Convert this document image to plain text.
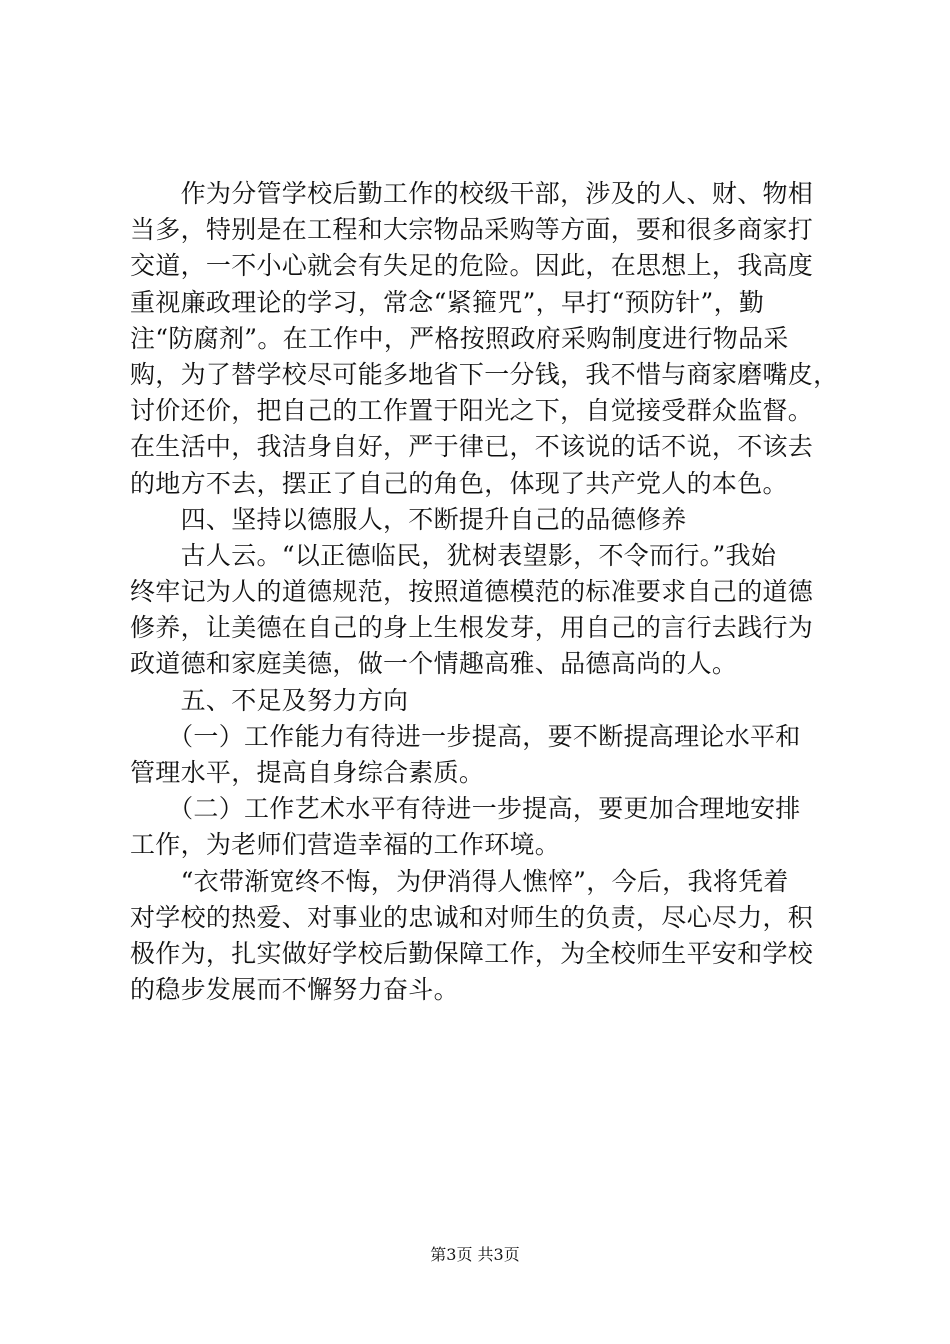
　　作为分管学校后勤工作的校级干部，涉及的人、财、物相
当多，特别是在工程和大宗物品采购等方面，要和很多商家打
交道，一不小心就会有失足的危险。因此，在思想上，我高度
重视廉政理论的学习，常念“紧箍咒”，早打“预防针”，勤
注“防腐剂”。在工作中，严格按照政府采购制度进行物品采
购，为了替学校尽可能多地省下一分钱，我不惜与商家磨嘴皮，
讨价还价，把自己的工作置于阳光之下，自觉接受群众监督。
在生活中，我洁身自好，严于律已，不该说的话不说，不该去
的地方不去，摆正了自己的角色，体现了共产党人的本色。
　　四、坚持以德服人，不断提升自己的品德修养
　　古人云。“以正德临民，犹树表望影，不令而行。”我始
终牢记为人的道德规范，按照道德模范的标准要求自己的道德
修养，让美德在自己的身上生根发芽，用自己的言行去践行为
政道德和家庭美德，做一个情趣高雅、品德高尚的人。
　　五、不足及努力方向
　　（一）工作能力有待进一步提高，要不断提高理论水平和
管理水平，提高自身综合素质。
　　（二）工作艺术水平有待进一步提高，要更加合理地安排
工作，为老师们营造幸福的工作环境。
　　“衣带渐宽终不悔，为伊消得人憔悴”，今后，我将凭着
对学校的热爱、对事业的忠诚和对师生的负责，尽心尽力，积
极作为，扎实做好学校后勤保障工作，为全校师生平安和学校
的稳步发展而不懈努力奋斗。
第3页 共3页
